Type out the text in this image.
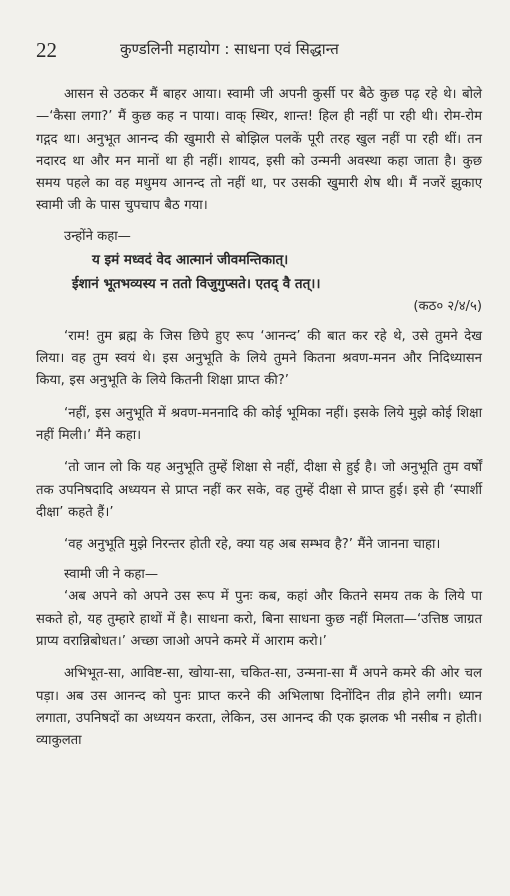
22	कुण्डलिनी महायोग : साधना एवं सिद्धान्त

आसन से उठकर मैं बाहर आया। स्वामी जी अपनी कुर्सी पर बैठे कुछ पढ़ रहे थे। बोले—‘कैसा लगा?’ मैं कुछ कह न पाया। वाक् स्थिर, शान्त! हिल ही नहीं पा रही थी। रोम-रोम गद्गद था। अनुभूत आनन्द की खुमारी से बोझिल पलकें पूरी तरह खुल नहीं पा रही थीं। तन नदारद था और मन मानों था ही नहीं। शायद, इसी को उन्मनी अवस्था कहा जाता है। कुछ समय पहले का वह मधुमय आनन्द तो नहीं था, पर उसकी खुमारी शेष थी। मैं नजरें झुकाए स्वामी जी के पास चुपचाप बैठ गया।

उन्होंने कहा—

य इमं मध्वदं वेद आत्मानं जीवमन्तिकात्।

ईशानं भूतभव्यस्य न ततो विजुगुप्सते। एतद् वै तत्।।

(कठ० २/४/५)

‘राम! तुम ब्रह्म के जिस छिपे हुए रूप ‘आनन्द’ की बात कर रहे थे, उसे तुमने देख लिया। वह तुम स्वयं थे। इस अनुभूति के लिये तुमने कितना श्रवण-मनन और निदिध्यासन किया, इस अनुभूति के लिये कितनी शिक्षा प्राप्त की?’

‘नहीं, इस अनुभूति में श्रवण-मननादि की कोई भूमिका नहीं। इसके लिये मुझे कोई शिक्षा नहीं मिली।’ मैंने कहा।

‘तो जान लो कि यह अनुभूति तुम्हें शिक्षा से नहीं, दीक्षा से हुई है। जो अनुभूति तुम वर्षों तक उपनिषदादि अध्ययन से प्राप्त नहीं कर सके, वह तुम्हें दीक्षा से प्राप्त हुई। इसे ही ‘स्पार्शी दीक्षा’ कहते हैं।’

‘वह अनुभूति मुझे निरन्तर होती रहे, क्या यह अब सम्भव है?’ मैंने जानना चाहा।

स्वामी जी ने कहा—

‘अब अपने को अपने उस रूप में पुनः कब, कहां और कितने समय तक के लिये पा सकते हो, यह तुम्हारे हाथों में है। साधना करो, बिना साधना कुछ नहीं मिलता—‘उत्तिष्ठ जाग्रत प्राप्य वरान्निबोधत।’ अच्छा जाओ अपने कमरे में आराम करो।’

अभिभूत-सा, आविष्ट-सा, खोया-सा, चकित-सा, उन्मना-सा मैं अपने कमरे की ओर चल पड़ा। अब उस आनन्द को पुनः प्राप्त करने की अभिलाषा दिनोंदिन तीव्र होने लगी। ध्यान लगाता, उपनिषदों का अध्ययन करता, लेकिन, उस आनन्द की एक झलक भी नसीब न होती। व्याकुलता
